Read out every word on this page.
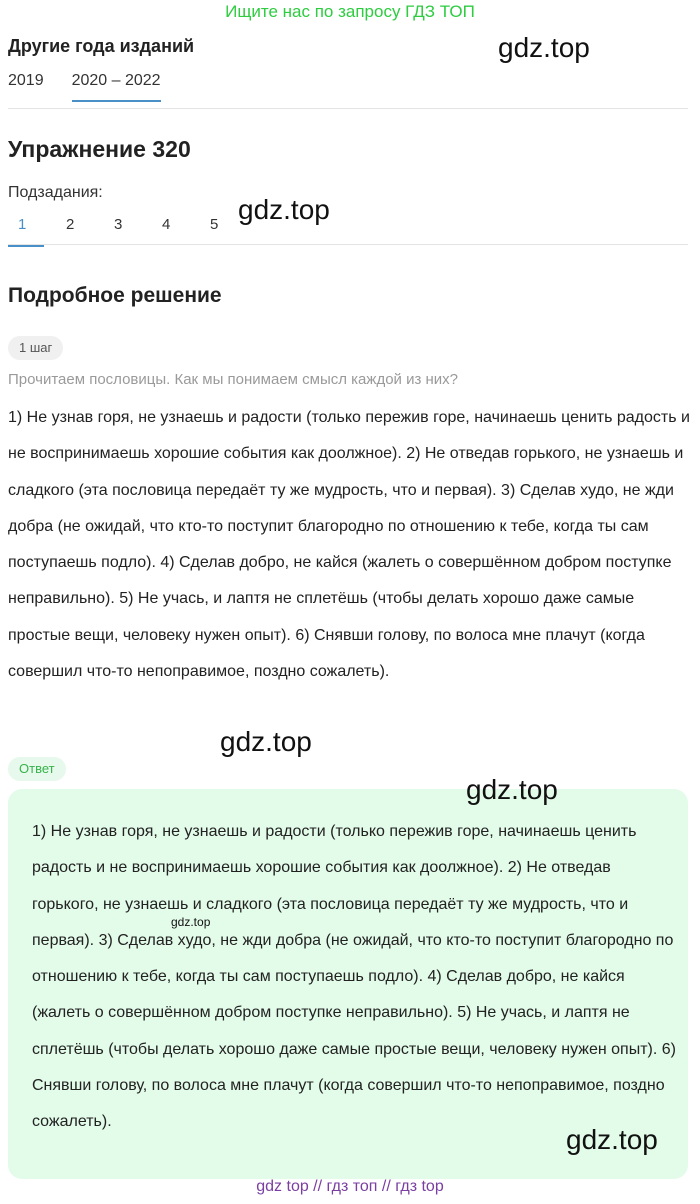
Ищите нас по запросу ГДЗ ТОП
Другие года изданий
2019 2020 – 2022
Упражнение 320
Подзадания:
1	2	3	4	5
Подробное решение
1 шаг
Прочитаем пословицы. Как мы понимаем смысл каждой из них?
1) Не узнав горя, не узнаешь и радости (только пережив горе, начинаешь ценить радость и не воспринимаешь хорошие события как доолжное). 2) Не отведав горького, не узнаешь и сладкого (эта пословица передаёт ту же мудрость, что и первая). 3) Сделав худо, не жди добра (не ожидай, что кто-то поступит благородно по отношению к тебе, когда ты сам поступаешь подло). 4) Сделав добро, не кайся (жалеть о совершённом добром поступке неправильно). 5) Не учась, и лаптя не сплетёшь (чтобы делать хорошо даже самые простые вещи, человеку нужен опыт). 6) Снявши голову, по волоса мне плачут (когда совершил что-то непоправимое, поздно сожалеть).
Ответ
1) Не узнав горя, не узнаешь и радости (только пережив горе, начинаешь ценить радость и не воспринимаешь хорошие события как доолжное). 2) Не отведав горького, не узнаешь и сладкого (эта пословица передаёт ту же мудрость, что и первая). 3) Сделав худо, не жди добра (не ожидай, что кто-то поступит благородно по отношению к тебе, когда ты сам поступаешь подло). 4) Сделав добро, не кайся (жалеть о совершённом добром поступке неправильно). 5) Не учась, и лаптя не сплетёшь (чтобы делать хорошо даже самые простые вещи, человеку нужен опыт). 6) Снявши голову, по волоса мне плачут (когда совершил что-то непоправимое, поздно сожалеть).
gdz.top
gdz.top
gdz.top
gdz.top
gdz.top
gdz.top
gdz top // гдз топ // гдз top
